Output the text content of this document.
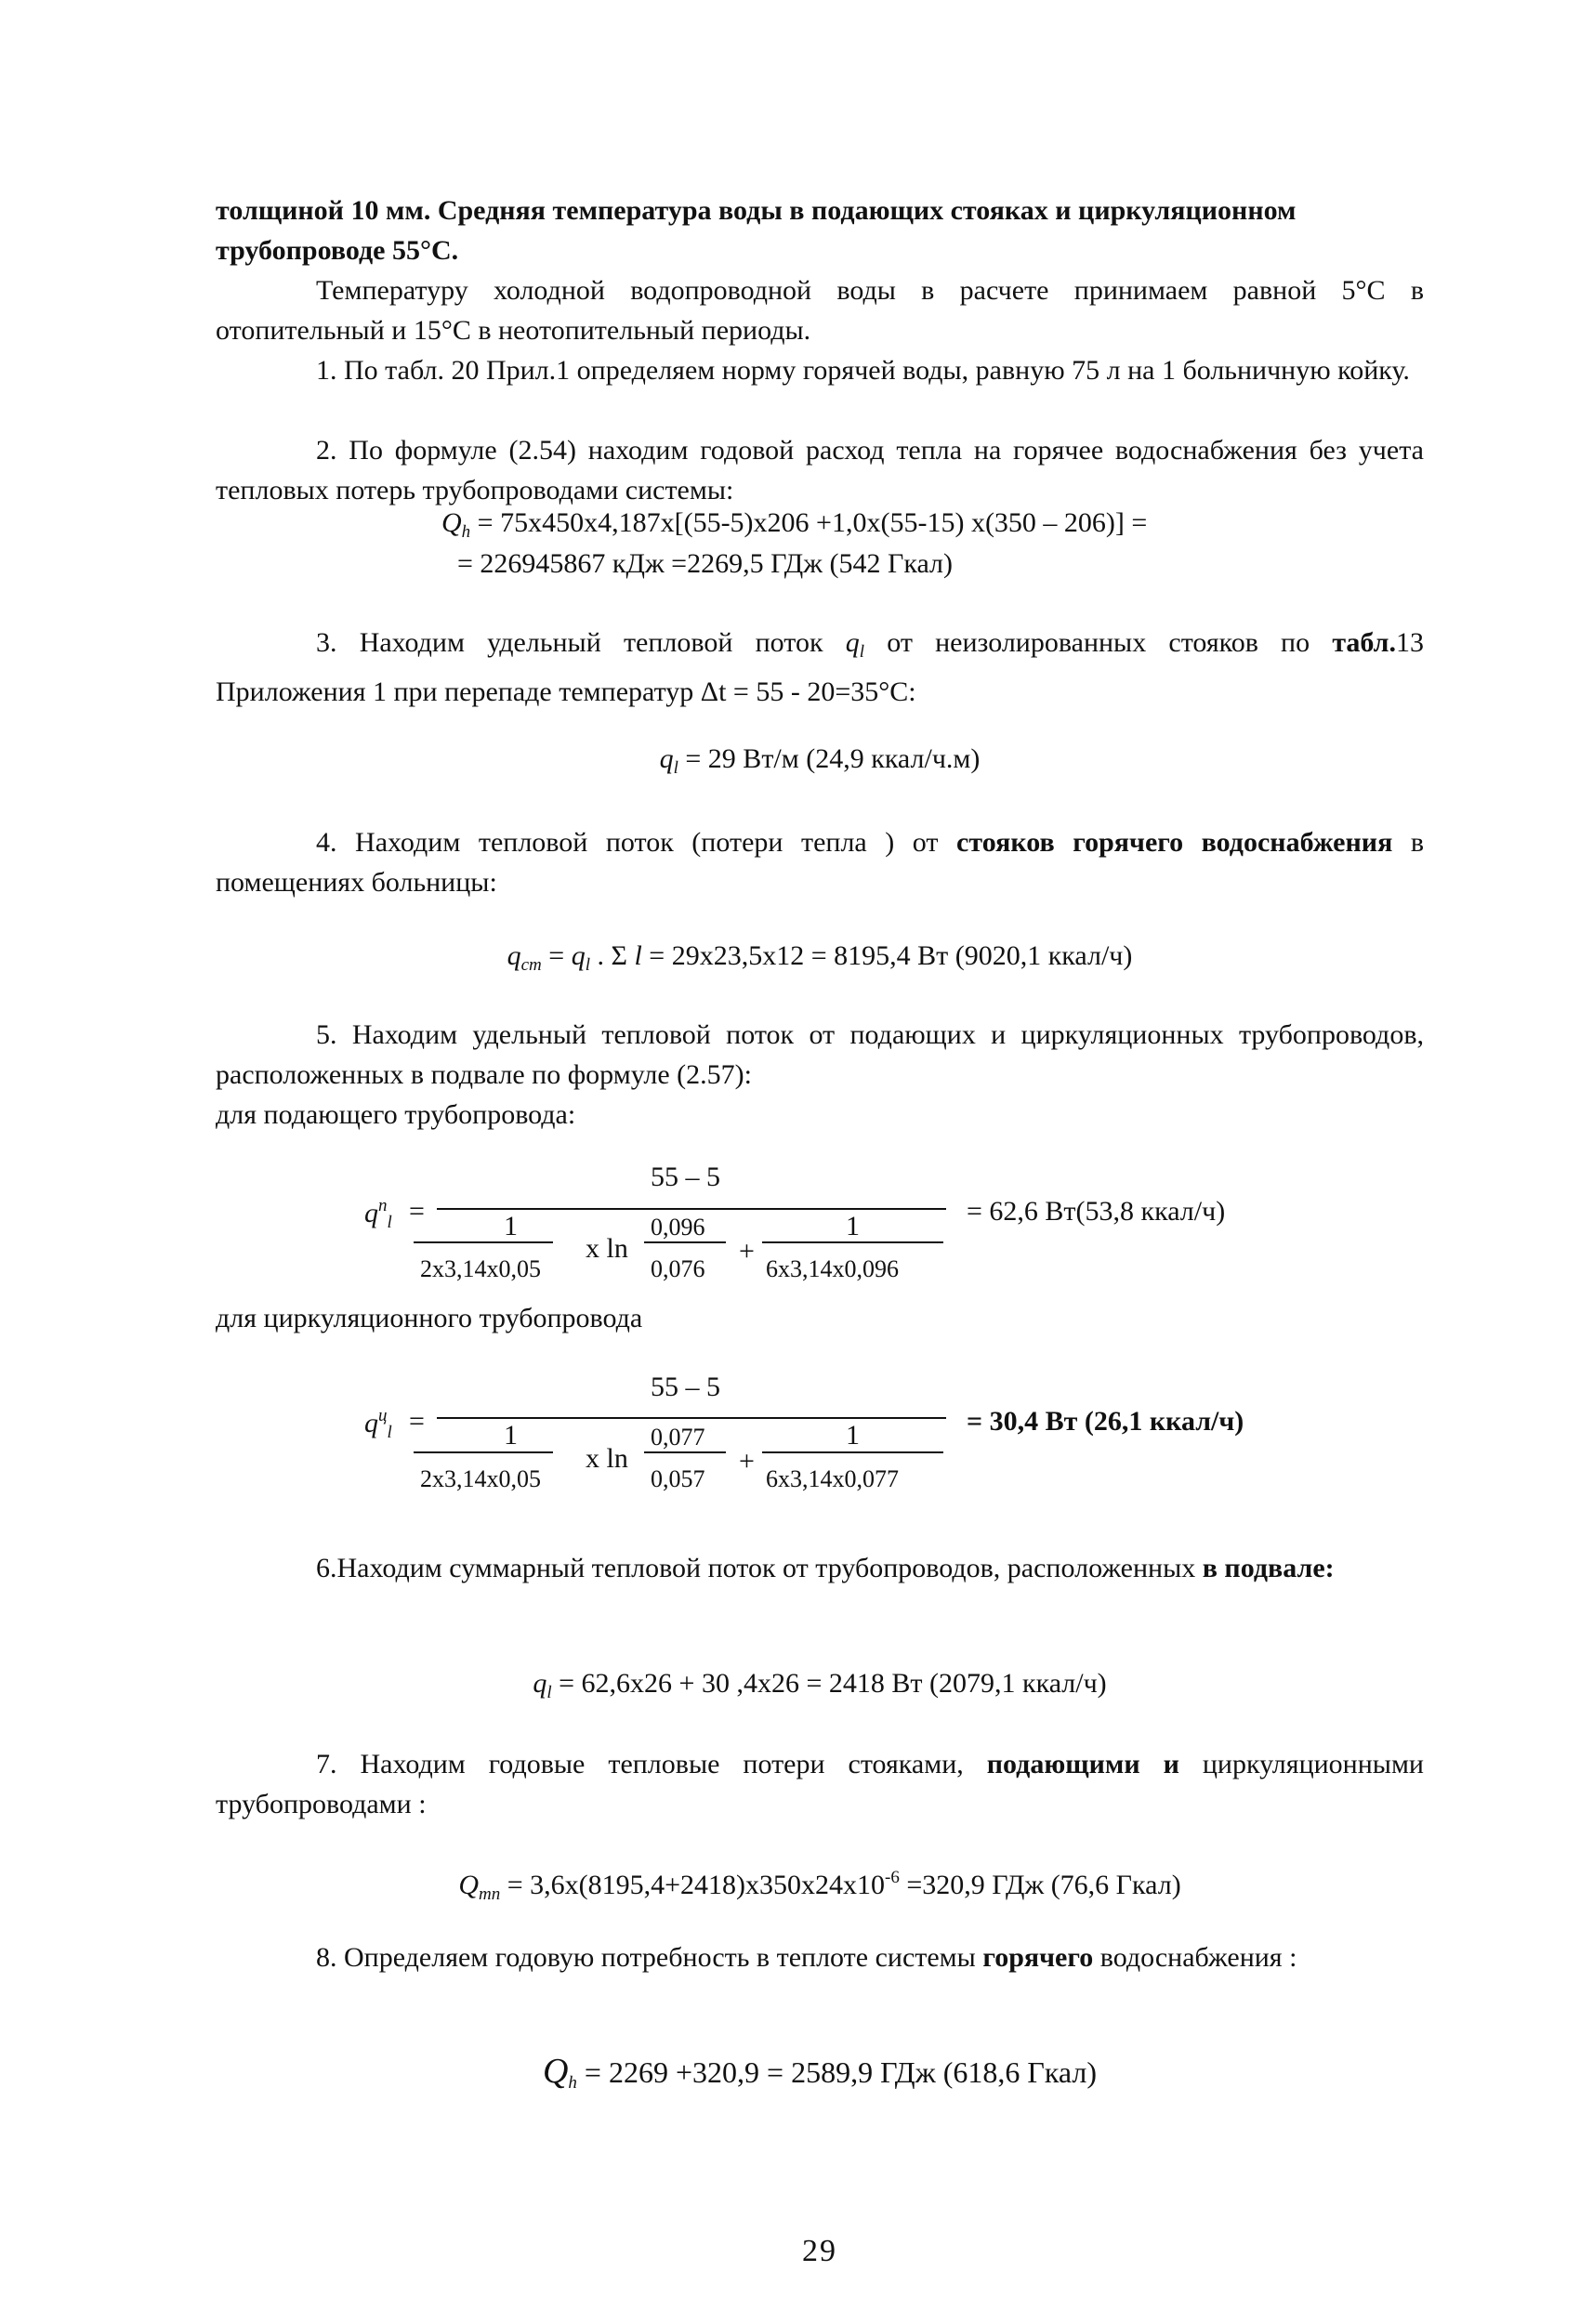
толщиной 10 мм. Средняя температура воды в подающих стояках и циркуляционном

трубопроводе 55°С.

Температуру холодной водопроводной воды в расчете принимаем равной 5°С в отопительный и 15°С в неотопительный периоды.

1. По табл. 20 Прил.1 определяем норму горячей воды, равную 75 л на 1 больничную койку.

2. По формуле (2.54) находим годовой расход тепла на горячее водоснабжения без учета тепловых потерь трубопроводами системы:

$Q_h = 75х450х4,187х[(55-5)х206 +1,0х(55-15)$ х(350 – 206)] =

= 226945867 кДж =2269,5 ГДж (542 Гкал)

3. Находим удельный тепловой поток $q_l$ от неизолированных стояков по табл.13 Приложения 1 при перепаде температур Δt = 55 - 20=35°С:

$q_l = 29$ Вт/м (24,9 ккал/ч.м)

4. Находим тепловой поток (потери тепла ) от стояков горячего водоснабжения в помещениях больницы:

$q_{ст} = q_l$ . Σ l = 29х23,5х12 = 8195,4 Вт (9020,1 ккал/ч)

5. Находим удельный тепловой поток от подающих и циркуляционных трубопроводов, расположенных в подвале по формуле (2.57):

для подающего трубопровода:

$q^п_l$ =
55 – 5
1	0,096	1
2х3,14х0,05
х ln
0,076
+
6х3,14х0,096
= 62,6 Вт(53,8 ккал/ч)

для циркуляционного трубопровода

$q^ц_l$ =
55 – 5
1	0,077	1
2х3,14х0,05
х ln
0,057
+
6х3,14х0,077
= 30,4 Вт (26,1 ккал/ч)

6.Находим суммарный тепловой поток от трубопроводов, расположенных в подвале:

$q_l = 62,6х26 + 30$ ,4х26 = 2418 Вт (2079,1 ккал/ч)

7. Находим годовые тепловые потери стояками, подающими и циркуляционными трубопроводами :

$Q_{тп} = 3,6х(8195,4+2418)х350х24х10^{-6} =320,9$ ГДж (76,6 Гкал)

8. Определяем годовую потребность в теплоте системы горячего водоснабжения :

$Q_h = 2269 +320,9 = 2589,9$ ГДж (618,6 Гкал)

29
